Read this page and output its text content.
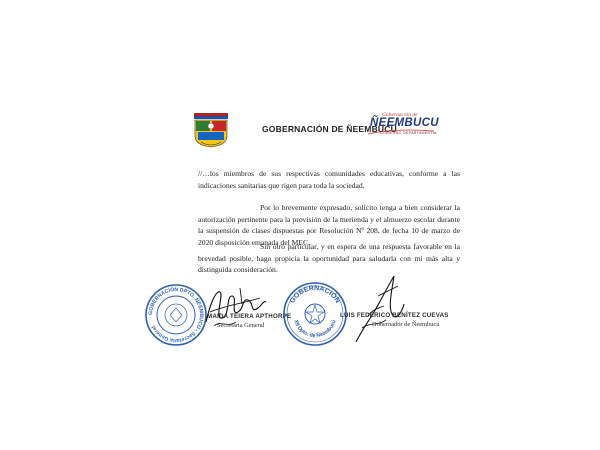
GOBERNACIÓN DE ÑEEMBUCÚ
Gobernación de
ÑEEMBUCU
GOBIERNO DEPARTAMENTAL
//…los miembros de sus respectivas comunidades educativas, conforme a las indicaciones sanitarias que rigen para toda la sociedad.
Por lo brevemente expresado, solicito tenga a bien considerar la autorización pertinente para la provisión de la merienda y el almuerzo escolar durante la suspensión de clases dispuestas por Resolución Nº 208, de fecha 10 de marzo de 2020 disposición emanada del MEC.
Sin otro particular, y en espera de una respuesta favorable en la brevedad posible, hago propicia la oportunidad para saludarla con mi más alta y distinguida consideración.
GOBERNACIÓN DPTO. ÑEEMBUCÚ · Secretaría General
MAIDA TEIERA APTHORPE
Secretaria General
GOBERNACIÓN
XII Dpto. de Ñeembucú
LUIS FEDERICO BENÍTEZ CUEVAS
Gobernador de Ñeembucú
